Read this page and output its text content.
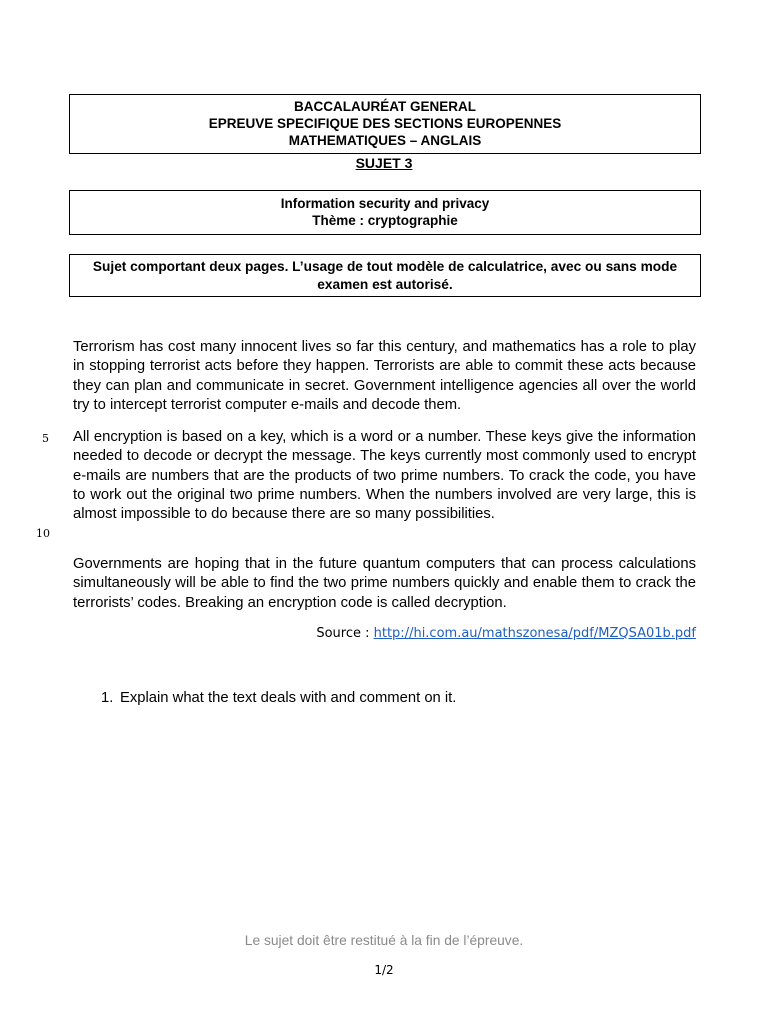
BACCALAURÉAT GENERAL
EPREUVE SPECIFIQUE DES SECTIONS EUROPENNES
MATHEMATIQUES – ANGLAIS
SUJET 3
Information security and privacy
Thème : cryptographie
Sujet comportant deux pages. L’usage de tout modèle de calculatrice, avec ou sans mode examen est autorisé.

Terrorism has cost many innocent lives so far this century, and mathematics has a role to play in stopping terrorist acts before they happen. Terrorists are able to commit these acts because they can plan and communicate in secret. Government intelligence agencies all over the world try to intercept terrorist computer e-mails and decode them.

5 All encryption is based on a key, which is a word or a number. These keys give the information needed to decode or decrypt the message. The keys currently most commonly used to encrypt e-mails are numbers that are the products of two prime numbers. To crack the code, you have to work out the original two prime numbers. When the numbers involved are very large, this is almost impossible to do because there are so many possibilities.

10

Governments are hoping that in the future quantum computers that can process calculations simultaneously will be able to find the two prime numbers quickly and enable them to crack the terrorists’ codes. Breaking an encryption code is called decryption.

Source : http://hi.com.au/mathszonesa/pdf/MZQSA01b.pdf
1. Explain what the text deals with and comment on it.
Le sujet doit être restitué à la fin de l’épreuve.
1/2
